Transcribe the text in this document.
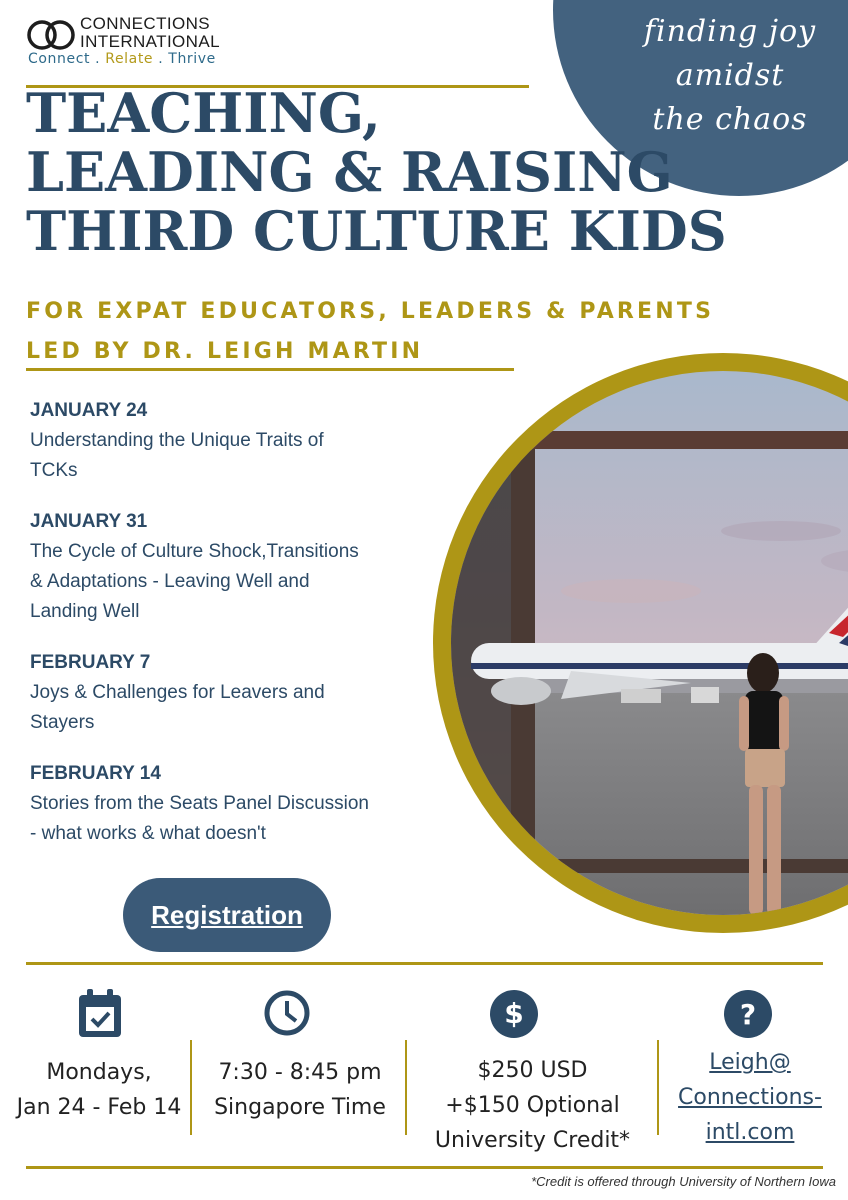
finding joy
amidst
the chaos
CONNECTIONS
INTERNATIONAL
Connect . Relate . Thrive
TEACHING,
LEADING & RAISING
THIRD CULTURE KIDS
FOR EXPAT EDUCATORS, LEADERS & PARENTS
LED BY DR. LEIGH MARTIN
JANUARY 24
Understanding the Unique Traits of
TCKs
JANUARY 31
The Cycle of Culture Shock,Transitions
& Adaptations - Leaving Well and
Landing Well
FEBRUARY 7
Joys & Challenges for Leavers and
Stayers
FEBRUARY 14
Stories from the Seats Panel Discussion
- what works & what doesn't
Registration
Mondays,
Jan 24 - Feb 14
7:30 - 8:45 pm
Singapore Time
$
$250 USD
+$150 Optional
University Credit*
?
Leigh@
Connections-
intl.com
*Credit is offered through University of Northern Iowa
